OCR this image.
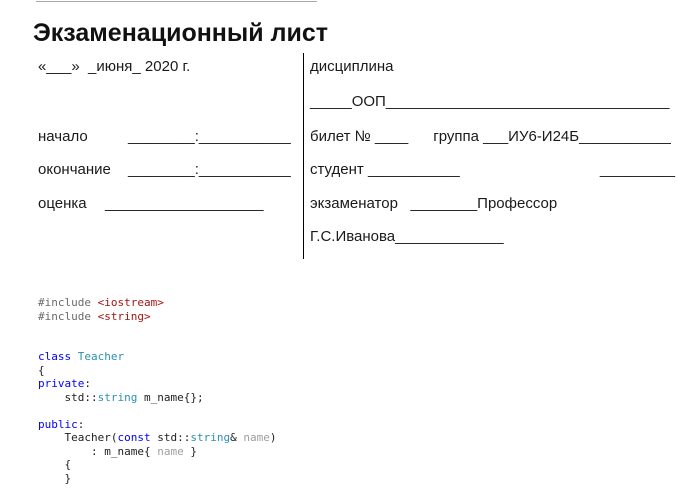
Экзаменационный лист
«___»  _июня_ 2020 г.
начало	________:___________
окончание ________:___________
оценка ___________________
дисциплина
_____ООП__________________________________
билет № ____      группа ___ИУ6-И24Б___________
студент ___________	_________
экзаменатор   ________Профессор
Г.С.Иванова_____________
#include <iostream>
#include <string>

class Teacher
{
private:
std::string m_name{};

public:
Teacher(const std::string& name)
: m_name{ name }
{
}
